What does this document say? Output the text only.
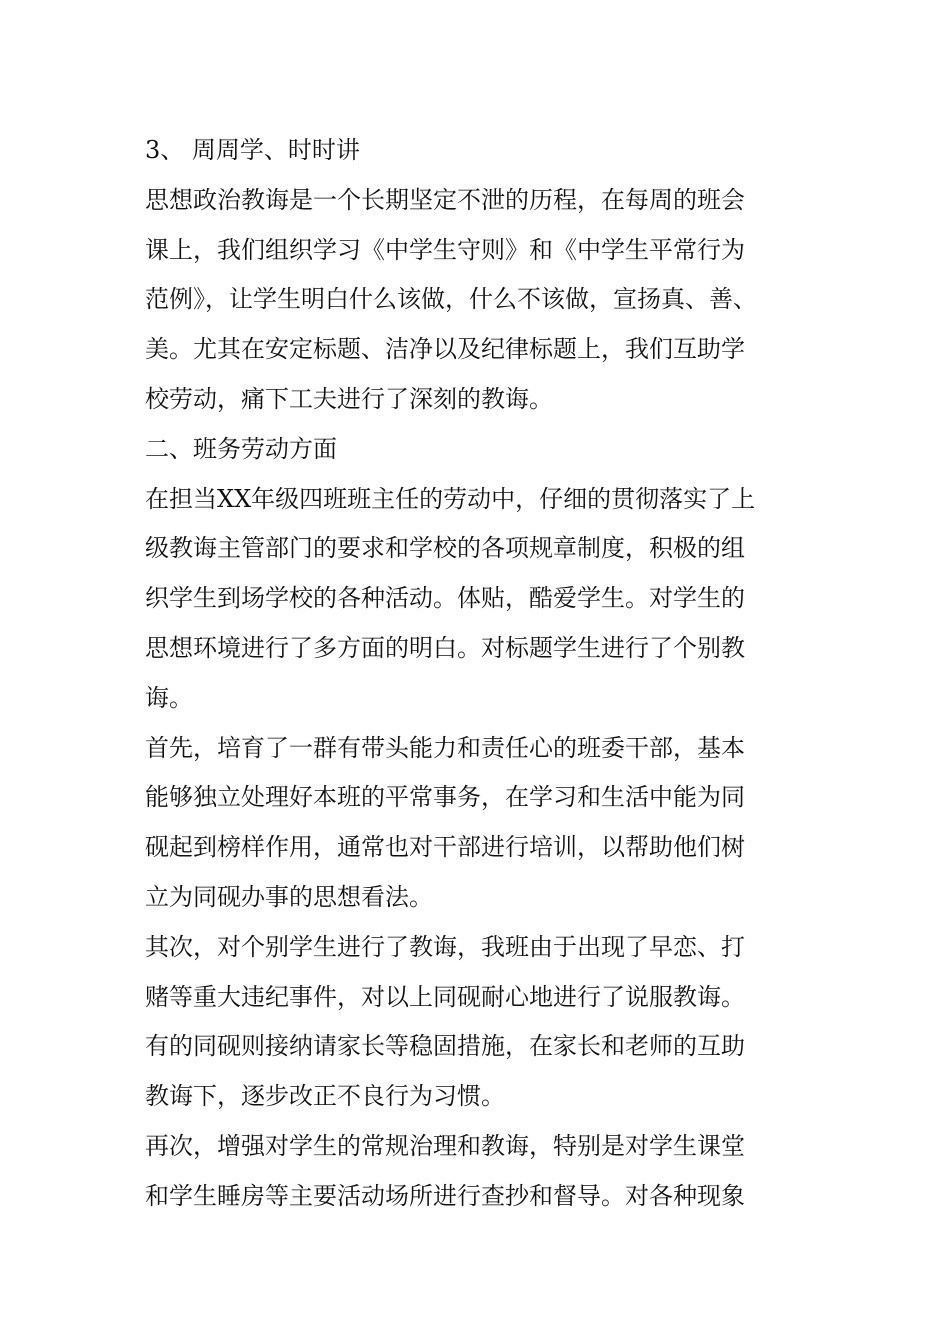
3、 周周学、时时讲
思想政治教诲是一个长期坚定不泄的历程，在每周的班会
课上，我们组织学习《中学生守则》和《中学生平常行为
范例》，让学生明白什么该做，什么不该做，宣扬真、善、
美。尤其在安定标题、洁净以及纪律标题上，我们互助学
校劳动，痛下工夫进行了深刻的教诲。
二、班务劳动方面
在担当XX年级四班班主任的劳动中，仔细的贯彻落实了上
级教诲主管部门的要求和学校的各项规章制度，积极的组
织学生到场学校的各种活动。体贴，酷爱学生。对学生的
思想环境进行了多方面的明白。对标题学生进行了个别教
诲。
首先，培育了一群有带头能力和责任心的班委干部，基本
能够独立处理好本班的平常事务，在学习和生活中能为同
砚起到榜样作用，通常也对干部进行培训，以帮助他们树
立为同砚办事的思想看法。
其次，对个别学生进行了教诲，我班由于出现了早恋、打
赌等重大违纪事件，对以上同砚耐心地进行了说服教诲。
有的同砚则接纳请家长等稳固措施，在家长和老师的互助
教诲下，逐步改正不良行为习惯。
再次，增强对学生的常规治理和教诲，特别是对学生课堂
和学生睡房等主要活动场所进行查抄和督导。对各种现象
